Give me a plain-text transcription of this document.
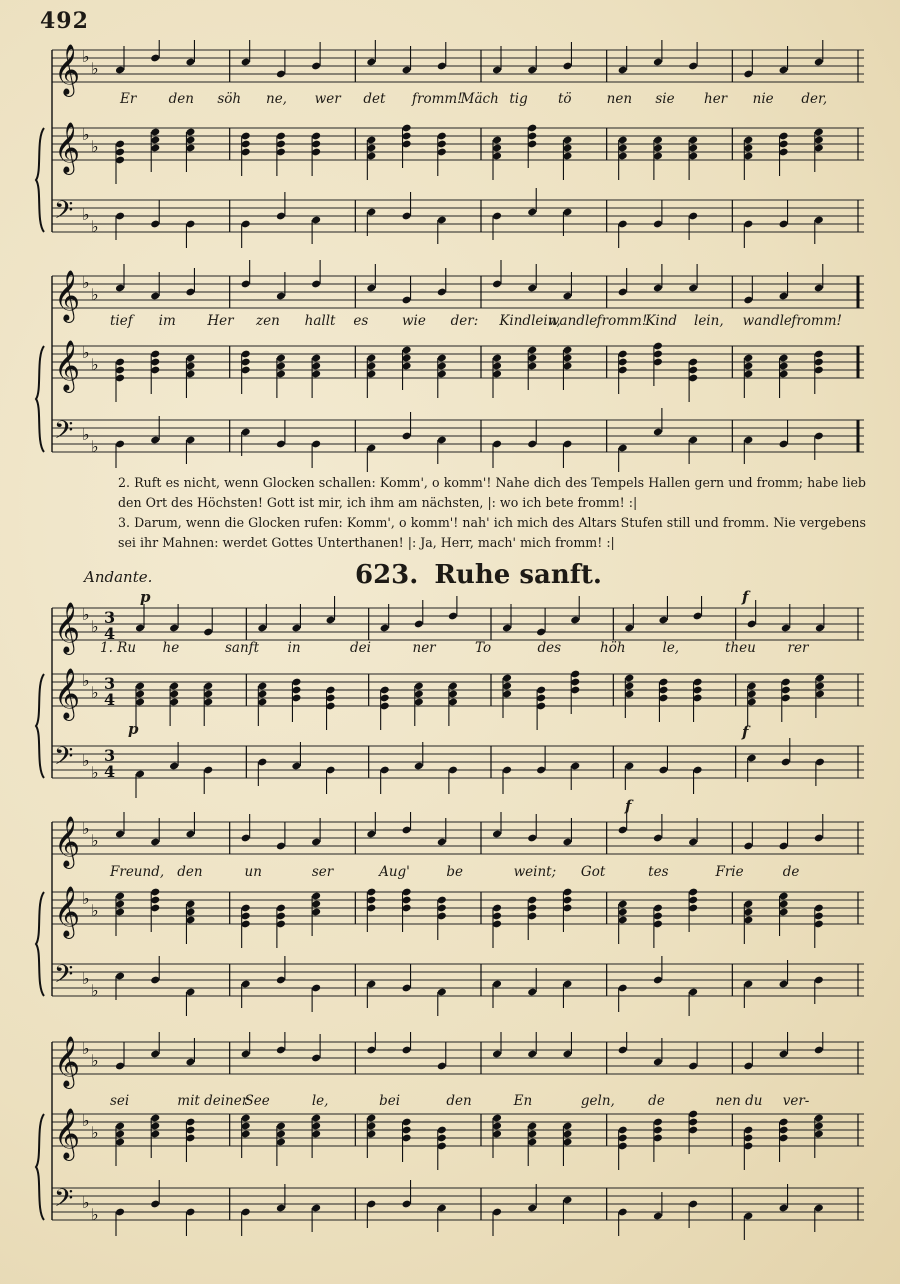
492
𝄞 ♭
♭
𝄞 ♭
♭
𝄢 ♭
♭
Er den söh ne, wer det fromm!
Mäch tig tö	nen sie her nie der,
𝄞 ♭
♭
𝄞 ♭
♭
𝄢 ♭
♭
tief im Her zen hallt es	wie der: Kindlein,
wandle fromm!
Kind lein, wandle fromm!

2. Ruft es nicht, wenn Glocken schallen: Komm', o komm'! Nahe dich des Tempels Hallen gern und fromm; habe lieb den Ort des Höchsten! Gott ist mir, ich ihm am nächsten, |: wo ich bete fromm! :|

3. Darum, wenn die Glocken rufen: Komm', o komm'! nah' ich mich des Altars Stufen still und fromm. Nie vergebens sei ihr Mahnen: werdet Gottes Unterthanen! |: Ja, Herr, mach' mich fromm! :|

Andante.	623. Ruhe sanft.
𝄞 ♭
♭ 3
4
𝄞 ♭
♭ 3
4
𝄢 ♭
♭
3
4
p	f
p	f
1. Ru he	sanft in	dei	ner	To	des	höh	le,	theu rer
𝄞 ♭
♭
𝄞 ♭
♭
𝄢 ♭
♭
f
Freund, den	un	ser	Aug'	be	weint; Got	tes	Frie	de
𝄞 ♭
♭
𝄞 ♭
♭
𝄢 ♭
♭
sei	mit deiner
See	le,	bei	den	En	geln, de	nen du ver-
